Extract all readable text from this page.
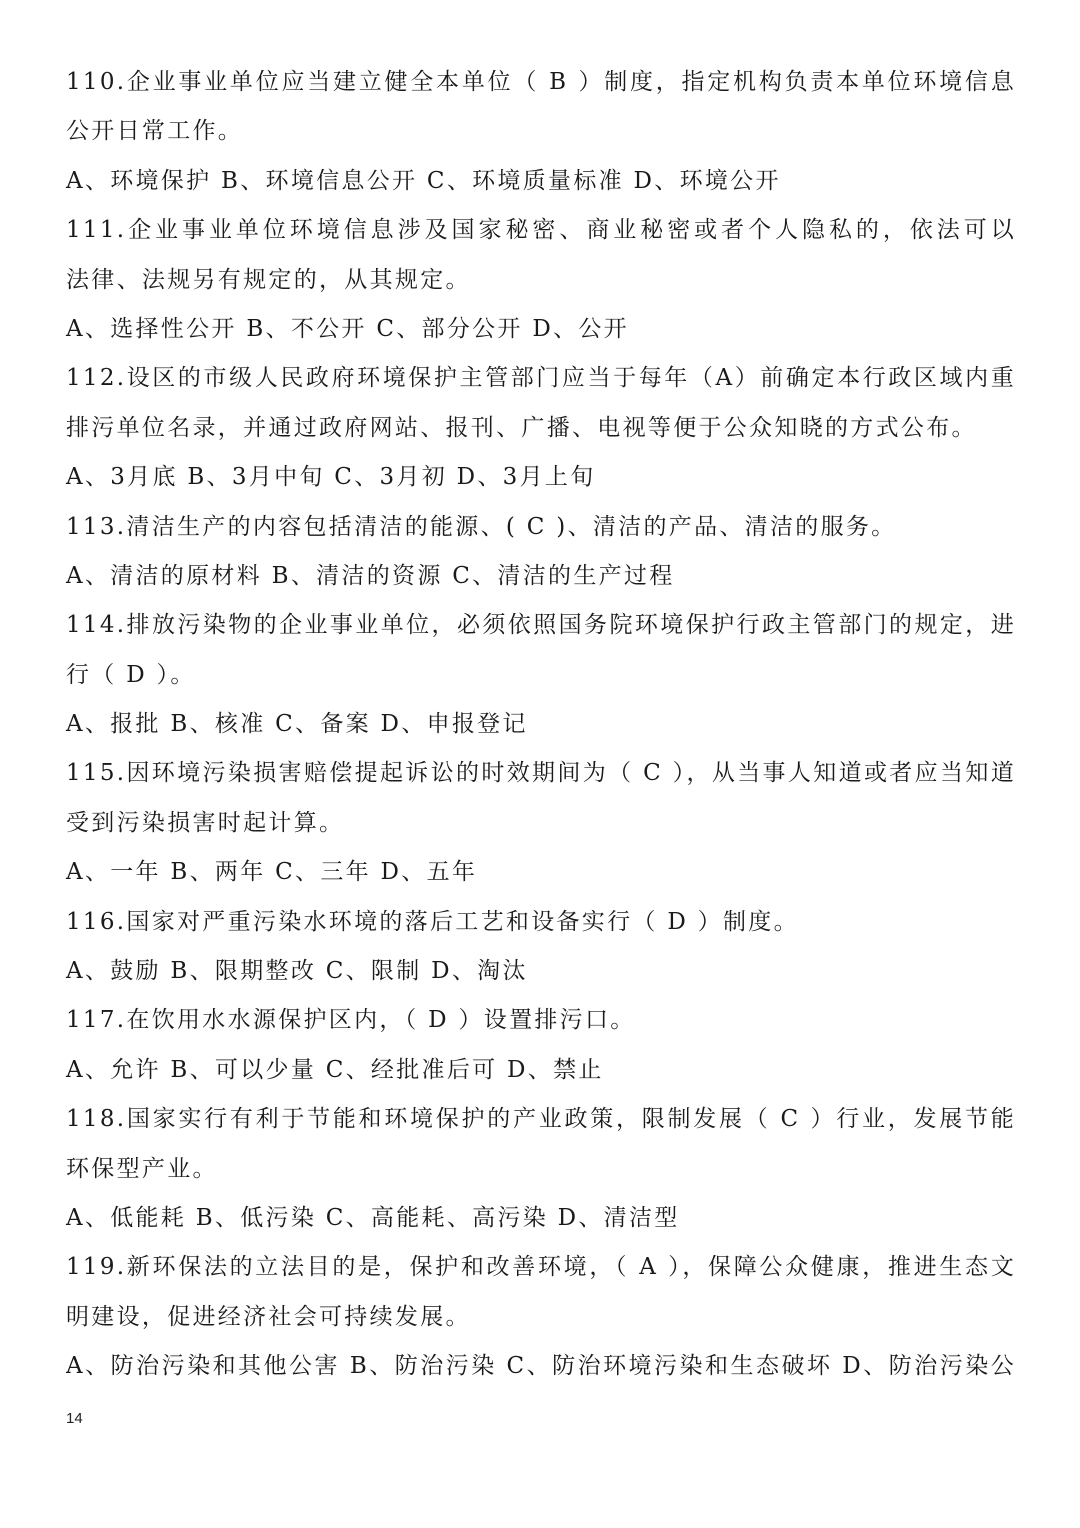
110.企业事业单位应当建立健全本单位（ B ）制度，指定机构负责本单位环境信息
公开日常工作。
A、环境保护 B、环境信息公开 C、环境质量标准 D、环境公开
111.企业事业单位环境信息涉及国家秘密、商业秘密或者个人隐私的，依法可以
法律、法规另有规定的，从其规定。
A、选择性公开 B、不公开 C、部分公开 D、公开
112.设区的市级人民政府环境保护主管部门应当于每年（A）前确定本行政区域内重
排污单位名录，并通过政府网站、报刊、广播、电视等便于公众知晓的方式公布。
A、3月底 B、3月中旬 C、3月初 D、3月上旬
113.清洁生产的内容包括清洁的能源、( C )、清洁的产品、清洁的服务。
A、清洁的原材料 B、清洁的资源 C、清洁的生产过程
114.排放污染物的企业事业单位，必须依照国务院环境保护行政主管部门的规定，进
行（ D ）。
A、报批 B、核准 C、备案 D、申报登记
115.因环境污染损害赔偿提起诉讼的时效期间为（ C ），从当事人知道或者应当知道
受到污染损害时起计算。
A、一年 B、两年 C、三年 D、五年
116.国家对严重污染水环境的落后工艺和设备实行（ D ）制度。
A、鼓励 B、限期整改 C、限制 D、淘汰
117.在饮用水水源保护区内，（ D ）设置排污口。
A、允许 B、可以少量 C、经批准后可 D、禁止
118.国家实行有利于节能和环境保护的产业政策，限制发展（ C ）行业，发展节能
环保型产业。
A、低能耗 B、低污染 C、高能耗、高污染 D、清洁型
119.新环保法的立法目的是，保护和改善环境，（ A ），保障公众健康，推进生态文
明建设，促进经济社会可持续发展。
A、防治污染和其他公害 B、防治污染 C、防治环境污染和生态破坏 D、防治污染公
14
